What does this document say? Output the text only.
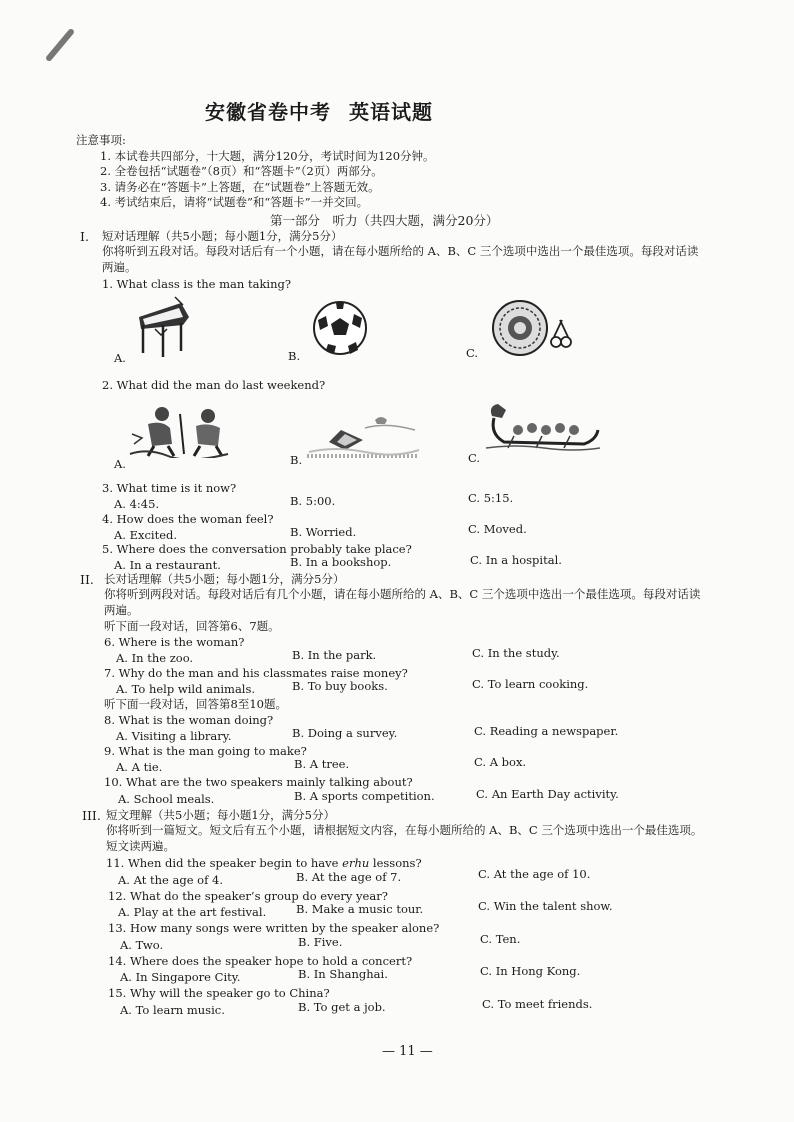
安徽省卷中考 英语试题
注意事项:
1. 本试卷共四部分，十大题，满分120分，考试时间为120分钟。
2. 全卷包括“试题卷”（8页）和“答题卡”（2页）两部分。
3. 请务必在“答题卡”上答题，在“试题卷”上答题无效。
4. 考试结束后，请将“试题卷”和“答题卡”一并交回。
第一部分　听力（共四大题，满分20分）
I. 短对话理解（共5小题；每小题1分，满分5分）
你将听到五段对话。每段对话后有一个小题，请在每小题所给的 A、B、C 三个选项中选出一个最佳选项。每段对话读
两遍。
1. What class is the man taking?
A.	B.	C.
2. What did the man do last weekend?
A.	B.	C.
3. What time is it now?
A. 4:45.	B. 5:00.	C. 5:15.
4. How does the woman feel?
A. Excited.	B. Worried.	C. Moved.
5. Where does the conversation probably take place?
A. In a restaurant.	B. In a bookshop.	C. In a hospital.
II. 长对话理解（共5小题；每小题1分，满分5分）
你将听到两段对话。每段对话后有几个小题，请在每小题所给的 A、B、C 三个选项中选出一个最佳选项。每段对话读
两遍。
听下面一段对话，回答第6、7题。
6. Where is the woman?
A. In the zoo.	B. In the park.	C. In the study.
7. Why do the man and his classmates raise money?
A. To help wild animals.	B. To buy books.	C. To learn cooking.
听下面一段对话，回答第8至10题。
8. What is the woman doing?
A. Visiting a library.	B. Doing a survey.	C. Reading a newspaper.
9. What is the man going to make?
A. A tie.	B. A tree.	C. A box.
10. What are the two speakers mainly talking about?
A. School meals.	B. A sports competition.	C. An Earth Day activity.
III. 短文理解（共5小题；每小题1分，满分5分）
你将听到一篇短文。短文后有五个小题，请根据短文内容，在每小题所给的 A、B、C 三个选项中选出一个最佳选项。
短文读两遍。
11. When did the speaker begin to have erhu lessons?
A. At the age of 4.	B. At the age of 7.	C. At the age of 10.
12. What do the speaker’s group do every year?
A. Play at the art festival.	B. Make a music tour.	C. Win the talent show.
13. How many songs were written by the speaker alone?
A. Two.	B. Five.	C. Ten.
14. Where does the speaker hope to hold a concert?
A. In Singapore City.	B. In Shanghai.	C. In Hong Kong.
15. Why will the speaker go to China?
A. To learn music.	B. To get a job.	C. To meet friends.
— 11 —
